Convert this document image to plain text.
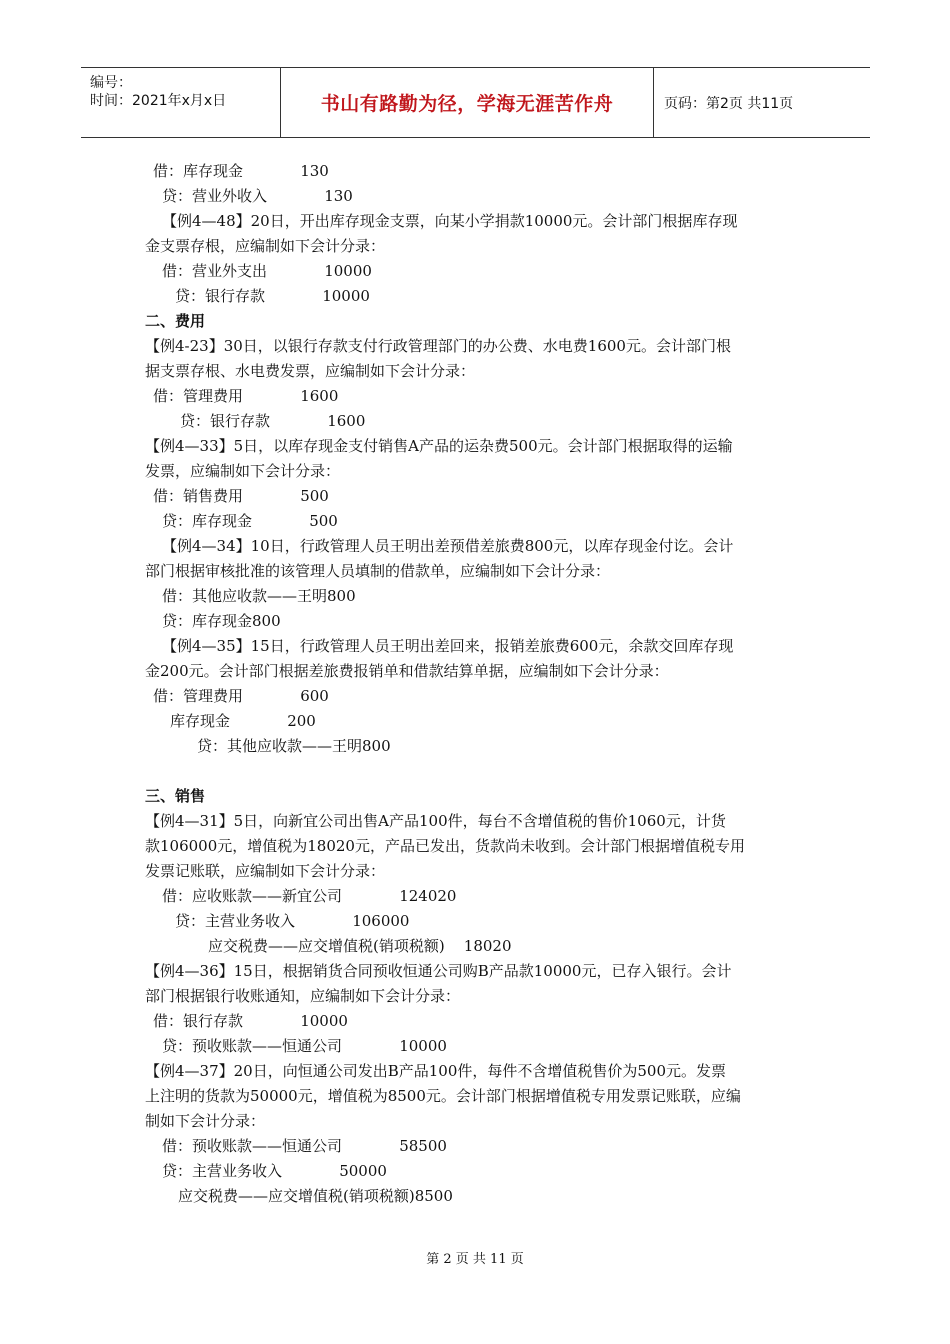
编号：
时间：2021年x月x日	书山有路勤为径，学海无涯苦作舟	页码：第2页 共11页
借：库存现金            130
贷：营业外收入            130
【例4—48】20日，开出库存现金支票，向某小学捐款10000元。会计部门根据库存现
金支票存根，应编制如下会计分录：
借：营业外支出            10000
贷：银行存款            10000
二、费用
【例4-23】30日，以银行存款支付行政管理部门的办公费、水电费1600元。会计部门根
据支票存根、水电费发票，应编制如下会计分录：
借：管理费用            1600
贷：银行存款            1600
【例4—33】5日，以库存现金支付销售A产品的运杂费500元。会计部门根据取得的运输
发票，应编制如下会计分录：
借：销售费用            500
贷：库存现金            500
【例4—34】10日，行政管理人员王明出差预借差旅费800元，以库存现金付讫。会计
部门根据审核批准的该管理人员填制的借款单，应编制如下会计分录：
借：其他应收款——王明800
贷：库存现金800
【例4—35】15日，行政管理人员王明出差回来，报销差旅费600元，余款交回库存现
金200元。会计部门根据差旅费报销单和借款结算单据，应编制如下会计分录：
借：管理费用            600
库存现金            200
贷：其他应收款——王明800
三、销售
【例4—31】5日，向新宜公司出售A产品100件，每台不含增值税的售价1060元，计货
款106000元，增值税为18020元，产品已发出，货款尚未收到。会计部门根据增值税专用
发票记账联，应编制如下会计分录：
借：应收账款——新宜公司            124020
贷：主营业务收入            106000
应交税费——应交增值税(销项税额)    18020
【例4—36】15日，根据销货合同预收恒通公司购B产品款10000元，已存入银行。会计
部门根据银行收账通知，应编制如下会计分录：
借：银行存款            10000
贷：预收账款——恒通公司            10000
【例4—37】20日，向恒通公司发出B产品100件，每件不含增值税售价为500元。发票
上注明的货款为50000元，增值税为8500元。会计部门根据增值税专用发票记账联，应编
制如下会计分录：
借：预收账款——恒通公司            58500
贷：主营业务收入            50000
应交税费——应交增值税(销项税额)8500
第 2 页 共 11 页
